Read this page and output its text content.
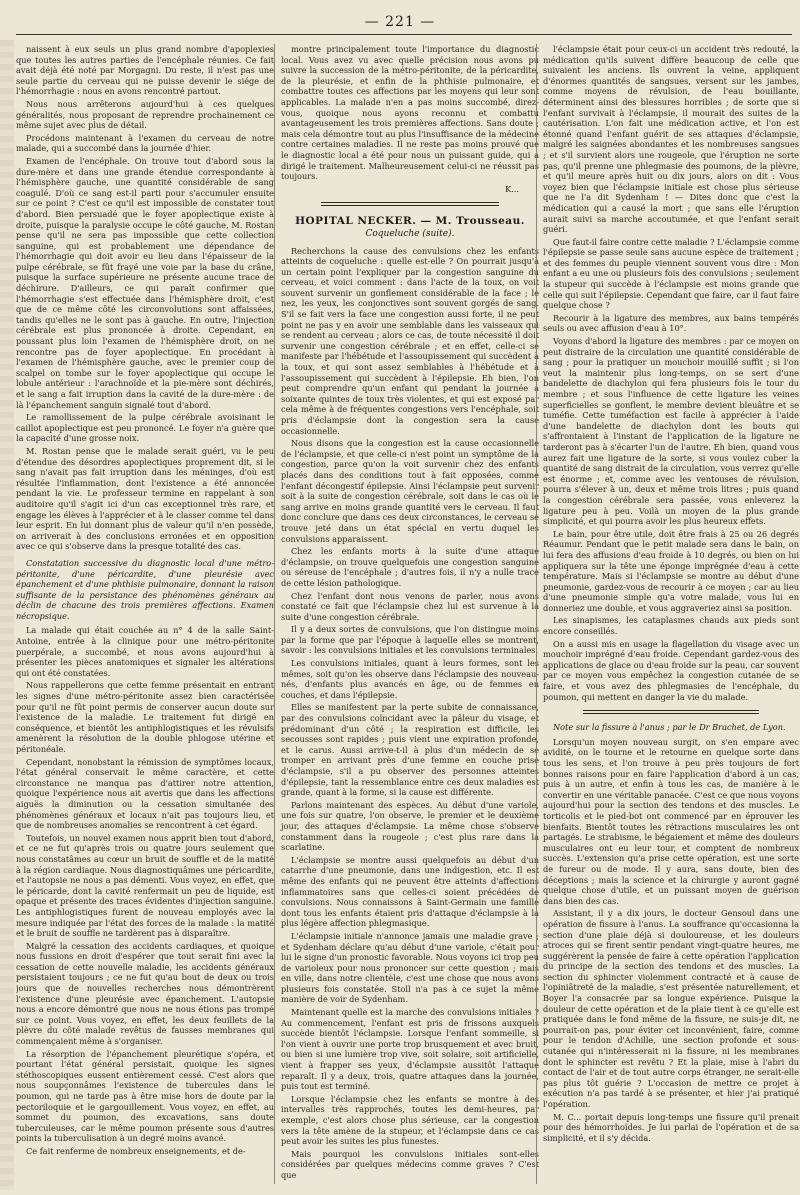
— 221 —

naissent à eux seuls un plus grand nombre d'apoplexies que toutes les autres parties de l'encéphale réunies. Ce fait avait déjà été noté par Morgagni. Du reste, il n'est pas une seule partie du cerveau qui ne puisse devenir le siége de l'hémorrhagie : nous en avons rencontré partout.

Nous nous arrêterons aujourd'hui à ces quelques généralités, nous proposant de reprendre prochainement ce même sujet avec plus de détail.

Procédons maintenant à l'examen du cerveau de notre malade, qui a succombé dans la journée d'hier.

Examen de l'encéphale. On trouve tout d'abord sous la dure-mère et dans une grande étendue correspondante à l'hémisphère gauche, une quantité considérable de sang coagulé. D'où ce sang est-il parti pour s'accumuler ensuite sur ce point ? C'est ce qu'il est impossible de constater tout d'abord. Bien persuadé que le foyer apoplectique existe à droite, puisque la paralysie occupe le côté gauche, M. Rostan pense qu'il ne sera pas impossible que cette collection sanguine, qui est probablement une dépendance de l'hémorrhagie qui doit avoir eu lieu dans l'épaisseur de la pulpe cérébrale, se fût frayé une voie par la base du crâne, puisque la surface supérieure ne présente aucune trace de déchirure. D'ailleurs, ce qui paraît confirmer que l'hémorrhagie s'est effectuée dans l'hémisphère droit, c'est que de ce même côté les circonvolutions sont affaissées, tandis qu'elles ne le sont pas à gauche. En outre, l'injection cérébrale est plus prononcée à droite. Cependant, en poussant plus loin l'examen de l'hémisphère droit, on ne rencontre pas de foyer apoplectique. En procédant à l'examen de l'hémisphère gauche, avec le premier coup de scalpel on tombe sur le foyer apoplectique qui occupe le lobule antérieur : l'arachnoïde et la pie-mère sont déchirés, et le sang a fait irruption dans la cavité de la dure-mère : de là l'épanchement sanguin signalé tout d'abord.

Le ramollissement de la pulpe cérébrale avoisinant le caillot apoplectique est peu prononcé. Le foyer n'a guère que la capacité d'une grosse noix.

M. Rostan pense que le malade serait guéri, vu le peu d'étendue des désordres apoplectiques proprement dit, si le sang n'avait pas fait irruption dans les méninges, d'où est résultée l'inflammation, dont l'existence a été annoncée pendant la vie. Le professeur termine en rappelant à son auditoire qu'il s'agit ici d'un cas exceptionnel très rare, et engage les élèves à l'apprécier et à le classer comme tel dans leur esprit. En lui donnant plus de valeur qu'il n'en possède, on arriverait à des conclusions erronées et en opposition avec ce qui s'observe dans la presque totalité des cas.

Constatation successive du diagnostic local d'une métro-péritonite, d'une péricardite, d'une pleurésie avec épanchement et d'une phthisie pulmonaire, donnant la raison suffisante de la persistance des phénomènes généraux au déclin de chacune des trois premières affections. Examen nécropsique.

La malade qui était couchée au n° 4 de la salle Saint-Antoine, entrée à la clinique pour une métro-péritonite puerpérale, a succombé, et nous avons aujourd'hui à présenter les pièces anatomiques et signaler les altérations qui ont été constatées.

Nous rappellerons que cette femme présentait en entrant les signes d'une métro-péritonite assez bien caractérisée pour qu'il ne fût point permis de conserver aucun doute sur l'existence de la maladie. Le traitement fut dirigé en conséquence, et bientôt les antiphlogistiques et les révulsifs amenèrent la résolution de la double phlogose utérine et péritonéale.

Cependant, nonobstant la rémission de symptômes locaux, l'état général conservait le même caractère, et cette circonstance ne manqua pas d'attirer notre attention, quoique l'expérience nous ait avertis que dans les affections aiguës la diminution ou la cessation simultanée des phénomènes généraux et locaux n'ait pas toujours lieu, et que de nombreuses anomalies se rencontrent à cet égard.

Toutefois, un nouvel examen nous apprit bien tout d'abord, et ce ne fut qu'après trois ou quatre jours seulement que nous constatâmes au cœur un bruit de souffle et de la matité à la région cardiaque. Nous diagnostiquâmes une péricardite, et l'autopsie ne nous a pas démenti. Vous voyez, en effet, que le péricarde, dont la cavité renfermait un peu de liquide, est opaque et présente des traces évidentes d'injection sanguine. Les antiphlogistiques furent de nouveau employés avec la mesure indiquée par l'état des forces de la malade : la matité et le bruit de souffle ne tardèrent pas à disparaître.

Malgré la cessation des accidents cardiaques, et quoique nous fussions en droit d'espérer que tout serait fini avec la cessation de cette nouvelle maladie, les accidents généraux persistaient toujours ; ce ne fut qu'au bout de deux ou trois jours que de nouvelles recherches nous démontrèrent l'existence d'une pleurésie avec épanchement. L'autopsie nous a encore démontré que nous ne nous étions pas trompé sur ce point. Vous voyez, en effet, les deux feuillets de la plèvre du côté malade revêtus de fausses membranes qui commençaient même à s'organiser.

La résorption de l'épanchement pleurétique s'opéra, et pourtant l'état général persistait, quoique les signes stéthoscopiques eussent entièrement cessé. C'est alors que nous soupçonnâmes l'existence de tubercules dans le poumon, qui ne tarde pas à être mise hors de doute par la pectoriloquie et le gargouillement. Vous voyez, en effet, au sommet du poumon, des excavations, sans doute tuberculeuses, car le même poumon présente sous d'autres points la tuberculisation à un degré moins avancé.

Ce fait renferme de nombreux enseignements, et de-

montre principalement toute l'importance du diagnostic local. Vous avez vu avec quelle précision nous avons pu suivre la succession de la métro-péritonite, de la péricardite, de la pleurésie, et enfin de la phthisie pulmonaire, et combattre toutes ces affections par les moyens qui leur sont applicables. La malade n'en a pas moins succombé, direz-vous, quoique nous ayons reconnu et combattu avantageusement les trois premières affections. Sans doute ; mais cela démontre tout au plus l'insuffisance de la médecine contre certaines maladies. Il ne reste pas moins prouvé que le diagnostic local a été pour nous un puissant guide, qui a dirigé le traitement. Malheureusement celui-ci ne réussit pas toujours.

K...

HOPITAL NECKER. — M. Trousseau.
Coqueluche (suite).

Recherchons la cause des convulsions chez les enfants atteints de coqueluche : quelle est-elle ? On pourrait jusqu'à un certain point l'expliquer par la congestion sanguine du cerveau, et voici comment : dans l'acte de la toux, on voit souvent survenir un gonflement considérable de la face ; le nez, les yeux, les conjonctives sont souvent gorgés de sang. S'il se fait vers la face une congestion aussi forte, il ne peut point ne pas y en avoir une semblable dans les vaisseaux qui se rendent au cerveau ; alors ce cas, de toute nécessité il doit survenir une congestion cérébrale ; et en effet, celle-ci se manifeste par l'hébétude et l'assoupissement qui succèdent à la toux, et qui sont assez semblables à l'hébétude et à l'assoupissement qui succèdent à l'épilepsie. Eh bien, l'on peut comprendre qu'un enfant qui pendant la journée a soixante quintes de toux très violentes, et qui est exposé par cela même à de fréquentes congestions vers l'encéphale, soit pris d'éclampsie dont la congestion sera la cause occasionnelle.

Nous disons que la congestion est la cause occasionnelle de l'éclampsie, et que celle-ci n'est point un symptôme de la congestion, parce qu'on la voit survenir chez des enfants placés dans des conditions tout à fait opposées, comme l'enfant décongestif épilepsie. Ainsi l'éclampsie peut survenir soit à la suite de congestion cérébrale, soit dans le cas où le sang arrive en moins grande quantité vers le cerveau. Il faut donc conclure que dans ces deux circonstances, le cerveau se trouve jeté dans un état spécial en vertu duquel les convulsions apparaissent.

Chez les enfants morts à la suite d'une attaque d'éclampsie, on trouve quelquefois une congestion sanguine ou séreuse de l'encéphale ; d'autres fois, il n'y a nulle trace de cette lésion pathologique.

Chez l'enfant dont nous venons de parler, nous avons constaté ce fait que l'éclampsie chez lui est survenue à la suite d'une congestion cérébrale.

Il y a deux sortes de convulsions, que l'on distingue moins par la forme que par l'époque à laquelle elles se montrent, savoir : les convulsions initiales et les convulsions terminales.

Les convulsions initiales, quant à leurs formes, sont les mêmes, soit qu'on les observe dans l'éclampsie des nouveau-nés, d'enfants plus avancés en âge, ou de femmes en couches, et dans l'épilepsie.

Elles se manifestent par la perte subite de connaissance, par des convulsions coïncidant avec la pâleur du visage, et prédominant d'un côté ; la respiration est difficile, les secousses sont rapides ; puis vient une expiration profonde, et le carus. Aussi arrive-t-il à plus d'un médecin de se tromper en arrivant près d'une femme en couche prise d'éclampsie, s'il a pu observer des personnes atteintes d'épilepsie, tant la ressemblance entre ces deux maladies est grande, quant à la forme, si la cause est différente.

Parlons maintenant des espèces. Au début d'une variole, une fois sur quatre, l'on observe, le premier et le deuxième jour, des attaques d'éclampsie. La même chose s'observe constamment dans la rougeole ; c'est plus rare dans la scarlatine.

L'éclampsie se montre aussi quelquefois au début d'un catarrhe d'une pneumonie, dans une indigestion, etc. Il est même des enfants qui ne peuvent être atteints d'affections inflammatoires sans que celles-ci soient précédées de convulsions. Nous connaissons à Saint-Germain une famille dont tous les enfants étaient pris d'attaque d'éclampsie à la plus légère affection phlegmasique.

L'éclampsie initiale n'annonce jamais une maladie grave ; et Sydenham déclare qu'au début d'une variole, c'était pour lui le signe d'un pronostic favorable. Nous voyons ici trop peu de varioleux pour nous prononcer sur cette question ; mais en ville, dans notre clientèle, c'est une chose que nous avons plusieurs fois constatée. Stoll n'a pas à ce sujet la même manière de voir de Sydenham.

Maintenant quelle est la marche des convulsions initiales ? Au commencement, l'enfant est pris de frissons auxquels succède bientôt l'éclampsie. Lorsque l'enfant sommeille, si l'on vient à ouvrir une porte trop brusquement et avec bruit, ou bien si une lumière trop vive, soit solaire, soit artificielle, vient à frapper ses yeux, d'éclampsie aussitôt l'attaque reparaît. Il y a deux, trois, quatre attaques dans la journée, puis tout est terminé.

Lorsque l'éclampsie chez les enfants se montre à des intervalles très rapprochés, toutes les demi-heures, par exemple, c'est alors chose plus sérieuse, car la congestion vers la tête amène de la stupeur, et l'éclampsie dans ce cas peut avoir les suites les plus funestes.

Mais pourquoi les convulsions initiales sont-elles considérées par quelques médecins comme graves ? C'est que

l'éclampsie était pour ceux-ci un accident très redouté, la médication qu'ils suivent diffère beaucoup de celle que suivaient les anciens. Ils ouvrent la veine, appliquent d'énormes quantités de sangsues, versent sur les jambes, comme moyens de révulsion, de l'eau bouillante, déterminent ainsi des blessures horribles ; de sorte que si l'enfant survivait à l'éclampsie, il mourait des suites de la cautérisation. L'on fait une médication active, et l'on est étonné quand l'enfant guérit de ses attaques d'éclampsie, malgré les saignées abondantes et les nombreuses sangsues ; et s'il survient alors une rougeole, que l'éruption ne sorte pas, qu'il prenne une phlegmasie des poumons, de la plèvre, et qu'il meure après huit ou dix jours, alors on dit : Vous voyez bien que l'éclampsie initiale est chose plus sérieuse que ne l'a dit Sydenham ! — Dites donc que c'est la médication qui a causé la mort ; que sans elle l'éruption aurait suivi sa marche accoutumée, et que l'enfant serait guéri.

Que faut-il faire contre cette maladie ? L'éclampsie comme l'épilepsie se passe seule sans aucune espèce de traitement ; et des femmes du peuple viennent souvent vous dire : Mon enfant a eu une ou plusieurs fois des convulsions ; seulement la stupeur qui succède à l'éclampsie est moins grande que celle qui suit l'épilepsie. Cependant que faire, car il faut faire quelque chose ?

Recourir à la ligature des membres, aux bains tempérés seuls ou avec affusion d'eau à 10°.

Voyons d'abord la ligature des membres : par ce moyen on peut distraire de la circulation une quantité considérable de sang ; pour la pratiquer un mouchoir mouillé suffit ; si l'on veut la maintenir plus long-temps, on se sert d'une bandelette de diachylon qui fera plusieurs fois le tour du membre ; et sous l'influence de cette ligature les veines superficielles se gonflent, le membre devient bleuâtre et se tuméfie. Cette tuméfaction est facile à apprécier à l'aide d'une bandelette de diachylon dont les bouts qui s'affrontaient à l'instant de l'application de la ligature ne tarderont pas à s'écarter l'un de l'autre. Eh bien, quand vous aurez fait une ligature de la sorte, si vous voulez cuber la quantité de sang distrait de la circulation, vous verrez qu'elle est énorme ; et, comme avec les ventouses de révulsion, pourra s'élever à un, deux et même trois litres ; puis quand la congestion cérébrale sera passée, vous enleverez la ligature peu à peu. Voilà un moyen de la plus grande simplicité, et qui pourra avoir les plus heureux effets.

Le bain, pour être utile, doit être frais à 25 ou 26 degrés Réaumur. Pendant que le petit malade sera dans le bain, on lui fera des affusions d'eau froide à 10 degrés, ou bien on lui appliquera sur la tête une éponge imprégnée d'eau à cette température. Mais si l'éclampsie se montre au début d'une pneumonie, gardez-vous de recourir à ce moyen ; car au lieu d'une pneumonie simple qu'a votre malade, vous lui en donneriez une double, et vous aggraveriez ainsi sa position.

Les sinapismes, les cataplasmes chauds aux pieds sont encore conseillés.

On a aussi mis en usage la flagellation du visage avec un mouchoir imprégné d'eau froide. Cependant gardez-vous des applications de glace ou d'eau froide sur la peau, car souvent par ce moyen vous empêchez la congestion cutanée de se faire, et vous avez des phlegmasies de l'encéphale, du poumon, qui mettent en danger la vie du malade.

Note sur la fissure à l'anus ; par le Dr Brachet, de Lyon.

Lorsqu'un moyen nouveau surgit, on s'en empare avec avidité, on le tourne et le retourne en quelque sorte dans tous les sens, et l'on trouve à peu près toujours de fort bonnes raisons pour en faire l'application d'abord à un cas, puis à un autre, et enfin à tous les cas, de manière à le convertir en une véritable panacée. C'est ce que nous voyons aujourd'hui pour la section des tendons et des muscles. Le torticolis et le pied-bot ont commencé par en éprouver les bienfaits. Bientôt toutes les rétractions musculaires les ont partagés. Le strabisme, le bégaiement et même des douleurs musculaires ont eu leur tour, et comptent de nombreux succès. L'extension qu'a prise cette opération, est une sorte de fureur ou de mode. Il y aura, sans doute, bien des déceptions ; mais la science et la chirurgie y auront gagné quelque chose d'utile, et un puissant moyen de guérison dans bien des cas.

Assistant, il y a dix jours, le docteur Gensoul dans une opération de fissure à l'anus. La souffrance qu'occasionna la section d'une plaie déjà si douloureuse, et les douleurs atroces qui se firent sentir pendant vingt-quatre heures, me suggérèrent la pensée de faire à cette opération l'application du principe de la section des tendons et des muscles. La section du sphincter violemment contracté et à cause de l'opiniâtreté de la maladie, s'est présentée naturellement, et Boyer l'a consacrée par sa longue expérience. Puisque la douleur de cette opération et de la plaie tient à ce qu'elle est pratiquée dans le fond même de la fissure, ne suis-je dit, ne pourrait-on pas, pour éviter cet inconvénient, faire, comme pour le tendon d'Achille, une section profonde et sous-cutanée qui n'intéresserait ni la fissure, ni les membranes dont le sphincter est revêtu ? Et la plaie, mise à l'abri du contact de l'air et de tout autre corps étranger, ne serait-elle pas plus tôt guérie ? L'occasion de mettre ce projet à exécution n'a pas tardé à se présenter, et hier j'ai pratiqué l'opération.

M. C... portait depuis long-temps une fissure qu'il prenait pour des hémorrhoïdes. Je lui parlai de l'opération et de sa simplicité, et il s'y décida.
